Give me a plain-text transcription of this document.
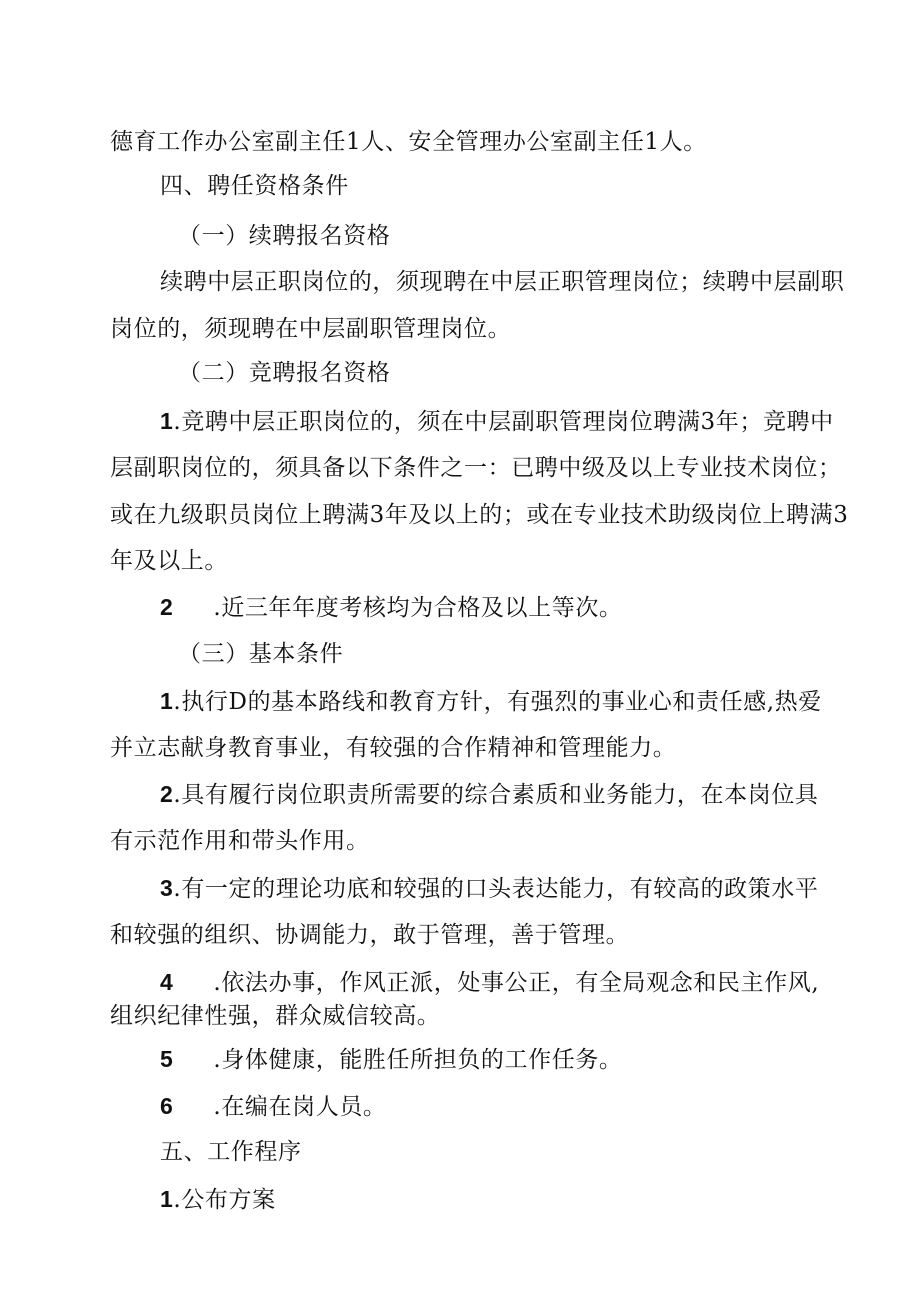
德育工作办公室副主任1人、安全管理办公室副主任1人。
四、聘任资格条件
（一）续聘报名资格
续聘中层正职岗位的，须现聘在中层正职管理岗位；续聘中层副职
岗位的，须现聘在中层副职管理岗位。
（二）竞聘报名资格
1.竞聘中层正职岗位的，须在中层副职管理岗位聘满3年；竞聘中
层副职岗位的，须具备以下条件之一：已聘中级及以上专业技术岗位；
或在九级职员岗位上聘满3年及以上的；或在专业技术助级岗位上聘满3
年及以上。
2 .近三年年度考核均为合格及以上等次。
（三）基本条件
1.执行D的基本路线和教育方针，有强烈的事业心和责任感,热爱
并立志献身教育事业，有较强的合作精神和管理能力。
2.具有履行岗位职责所需要的综合素质和业务能力，在本岗位具
有示范作用和带头作用。
3.有一定的理论功底和较强的口头表达能力，有较高的政策水平
和较强的组织、协调能力，敢于管理，善于管理。
4 .依法办事，作风正派，处事公正，有全局观念和民主作风,
组织纪律性强，群众威信较高。
5 .身体健康，能胜任所担负的工作任务。
6 .在编在岗人员。
五、工作程序
1.公布方案
